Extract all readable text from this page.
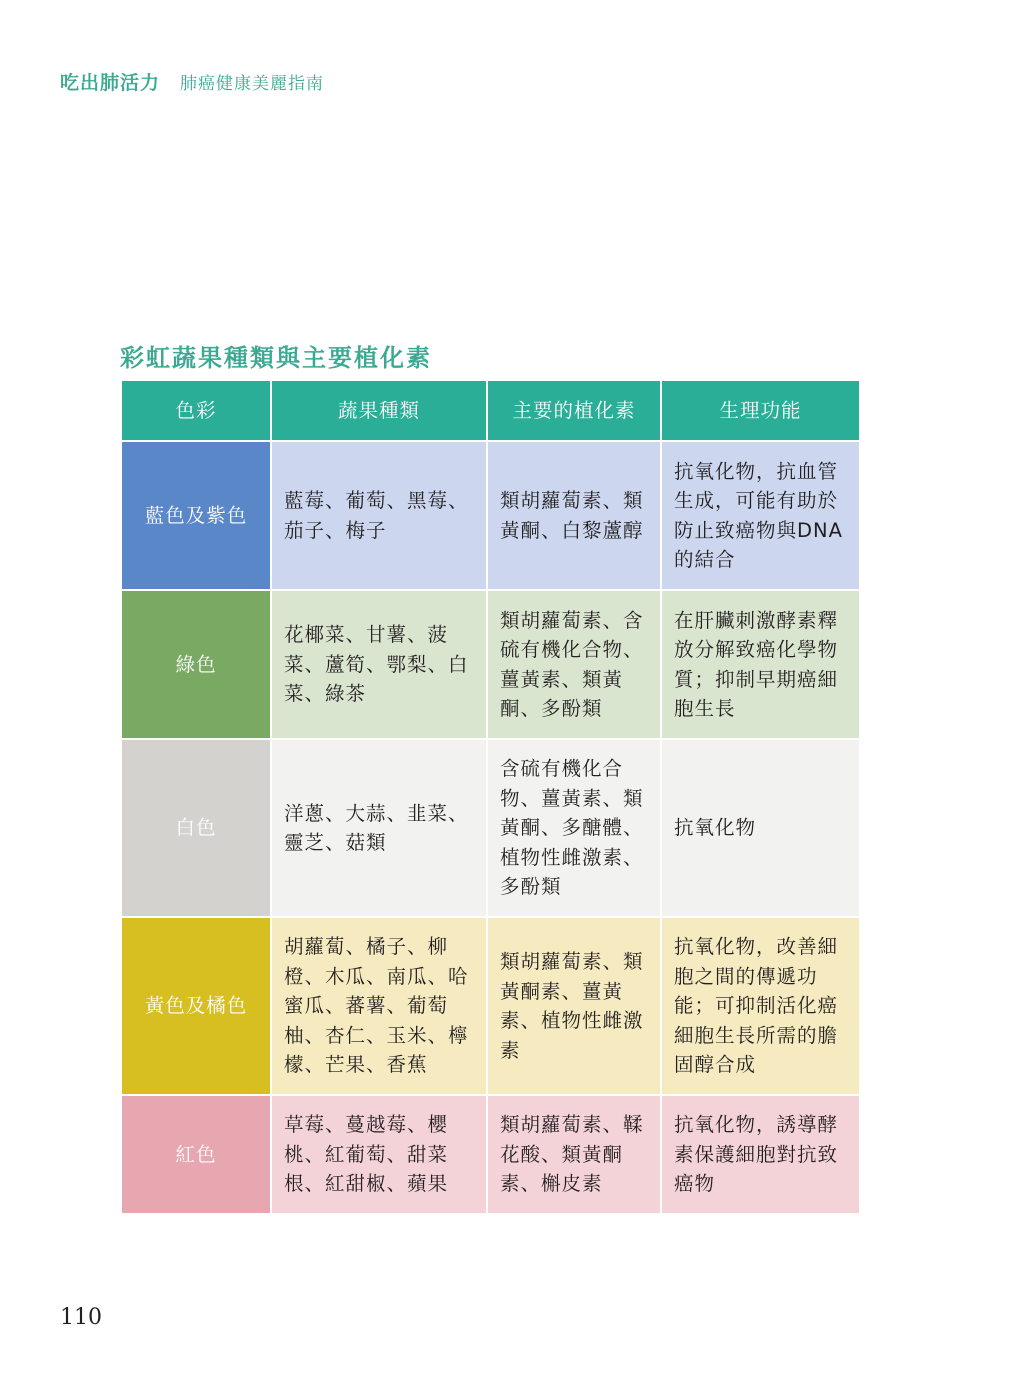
吃出肺活力 肺癌健康美麗指南
彩虹蔬果種類與主要植化素
色彩	蔬果種類	主要的植化素	生理功能
藍色及紫色	藍莓、葡萄、黑莓、茄子、梅子	類胡蘿蔔素、類黃酮、白黎蘆醇	抗氧化物，抗血管生成，可能有助於防止致癌物與DNA的結合
綠色	花椰菜、甘薯、菠菜、蘆筍、鄂梨、白菜、綠茶	類胡蘿蔔素、含硫有機化合物、薑黃素、類黃酮、多酚類	在肝臟刺激酵素釋放分解致癌化學物質；抑制早期癌細胞生長
白色	洋蔥、大蒜、韭菜、靈芝、菇類	含硫有機化合物、薑黃素、類黃酮、多醣體、植物性雌激素、多酚類	抗氧化物
黃色及橘色	胡蘿蔔、橘子、柳橙、木瓜、南瓜、哈蜜瓜、蕃薯、葡萄柚、杏仁、玉米、檸檬、芒果、香蕉	類胡蘿蔔素、類黃酮素、薑黃素、植物性雌激素	抗氧化物，改善細胞之間的傳遞功能；可抑制活化癌細胞生長所需的膽固醇合成
紅色	草莓、蔓越莓、櫻桃、紅葡萄、甜菜根、紅甜椒、蘋果	類胡蘿蔔素、鞣花酸、類黃酮素、槲皮素	抗氧化物，誘導酵素保護細胞對抗致癌物
110
